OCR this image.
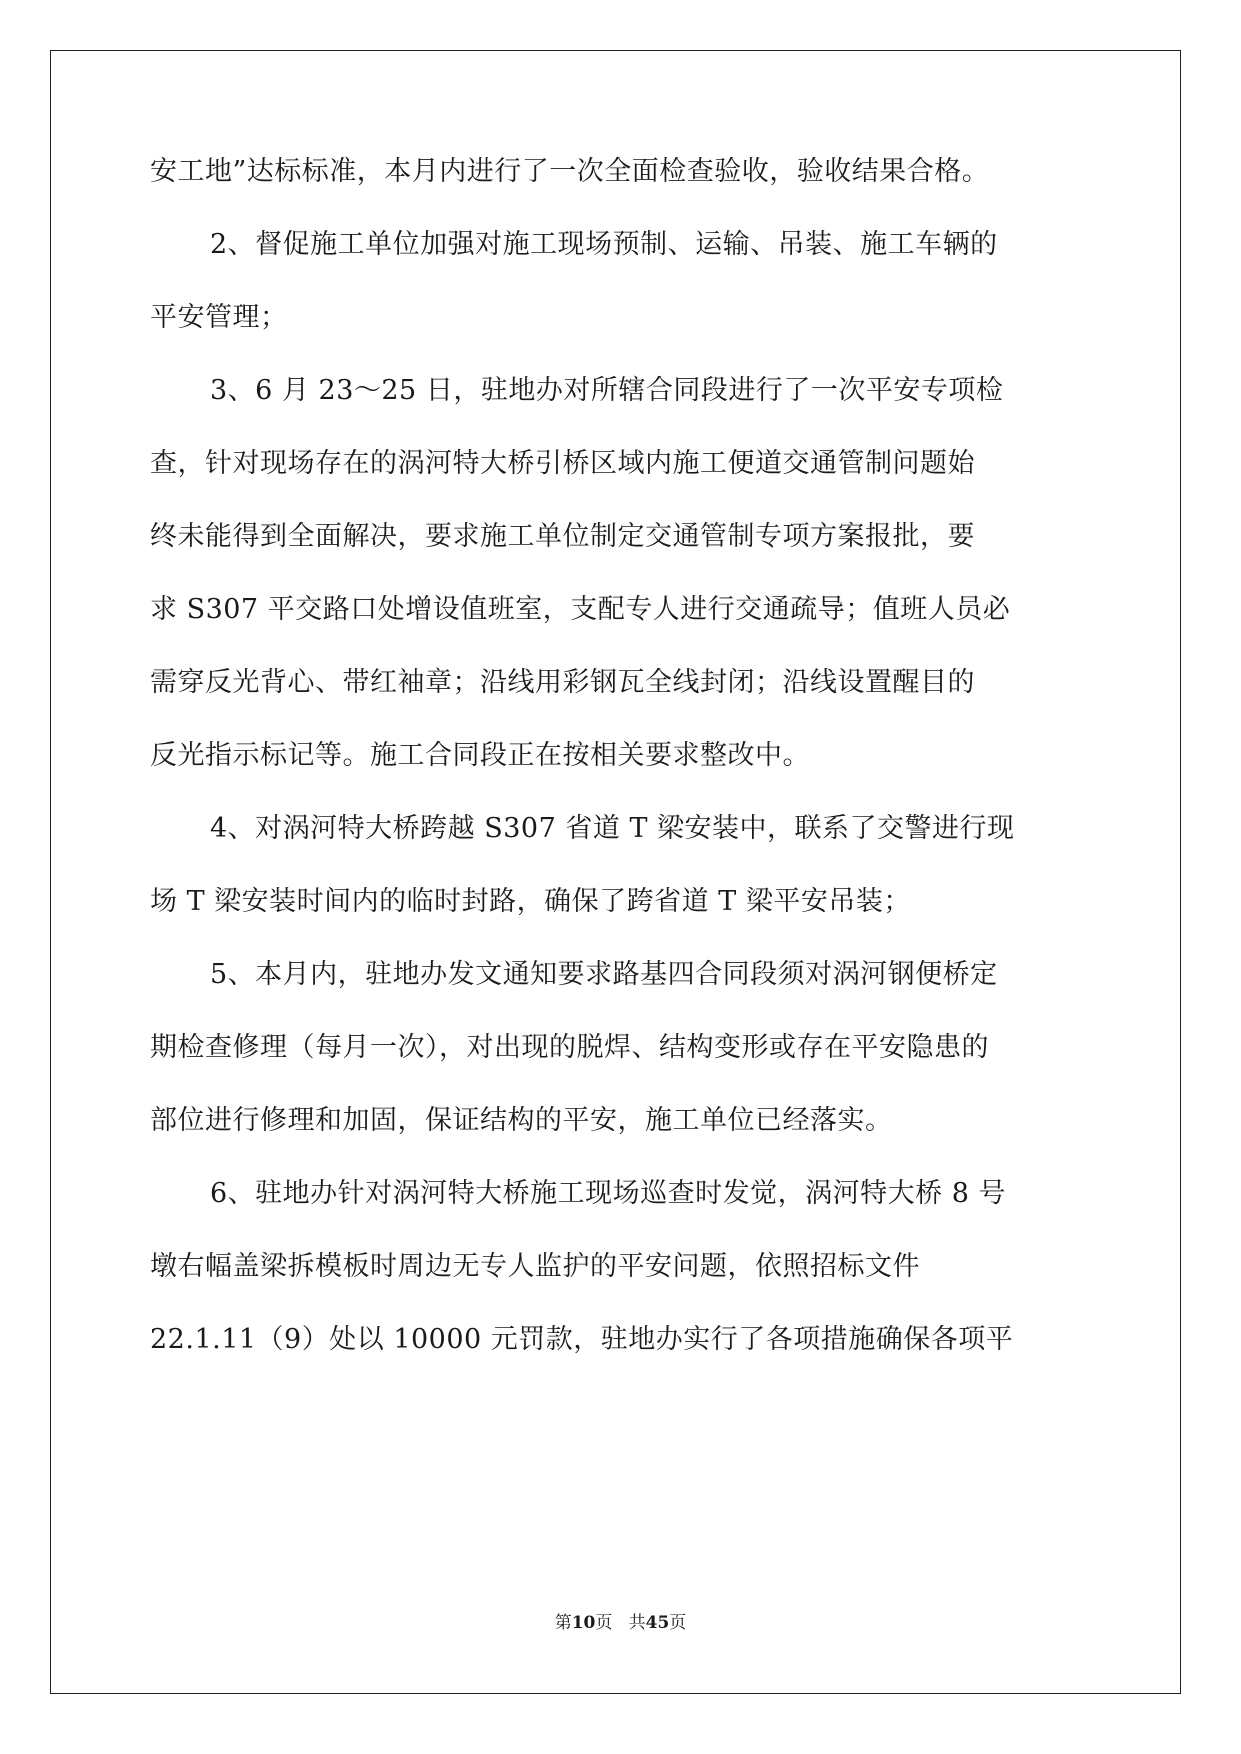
安工地”达标标准，本月内进行了一次全面检查验收，验收结果合格。
2、督促施工单位加强对施工现场预制、运输、吊装、施工车辆的
平安管理；
3、6 月 23～25 日，驻地办对所辖合同段进行了一次平安专项检
查，针对现场存在的涡河特大桥引桥区域内施工便道交通管制问题始
终未能得到全面解决，要求施工单位制定交通管制专项方案报批，要
求 S307 平交路口处增设值班室，支配专人进行交通疏导；值班人员必
需穿反光背心、带红袖章；沿线用彩钢瓦全线封闭；沿线设置醒目的
反光指示标记等。施工合同段正在按相关要求整改中。
4、对涡河特大桥跨越 S307 省道 T 梁安装中，联系了交警进行现
场 T 梁安装时间内的临时封路，确保了跨省道 T 梁平安吊装；
5、本月内，驻地办发文通知要求路基四合同段须对涡河钢便桥定
期检查修理（每月一次），对出现的脱焊、结构变形或存在平安隐患的
部位进行修理和加固，保证结构的平安，施工单位已经落实。
6、驻地办针对涡河特大桥施工现场巡查时发觉，涡河特大桥 8 号
墩右幅盖梁拆模板时周边无专人监护的平安问题，依照招标文件
22.1.11（9）处以 10000 元罚款，驻地办实行了各项措施确保各项平
第10页 共45页
